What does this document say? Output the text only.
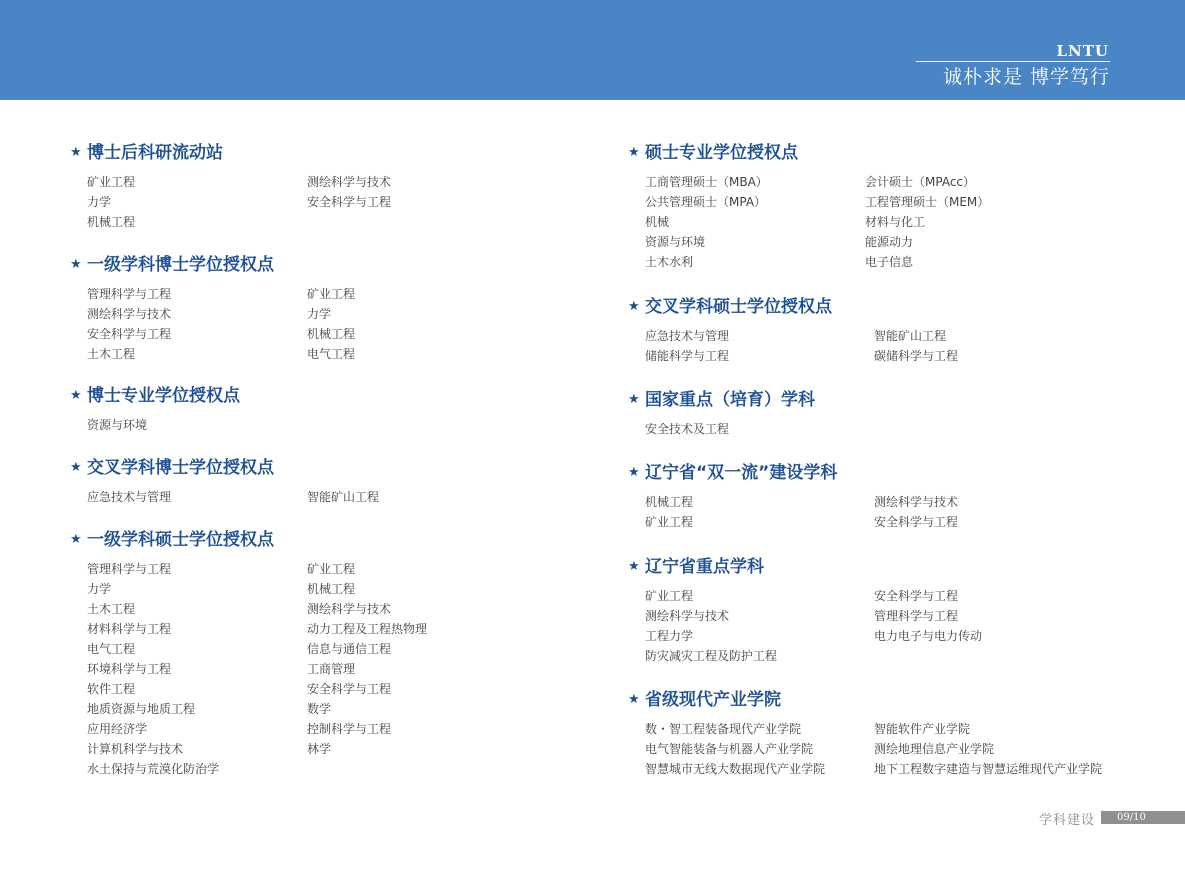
LNTU
诚朴求是 博学笃行
★ 博士后科研流动站
矿业工程	测绘科学与技术
力学	安全科学与工程
机械工程
★ 一级学科博士学位授权点
管理科学与工程	矿业工程
测绘科学与技术	力学
安全科学与工程	机械工程
土木工程	电气工程
★ 博士专业学位授权点
资源与环境
★ 交叉学科博士学位授权点
应急技术与管理	智能矿山工程
★ 一级学科硕士学位授权点
管理科学与工程	矿业工程
力学	机械工程
土木工程	测绘科学与技术
材料科学与工程	动力工程及工程热物理
电气工程	信息与通信工程
环境科学与工程	工商管理
软件工程	安全科学与工程
地质资源与地质工程	数学
应用经济学	控制科学与工程
计算机科学与技术	林学
水土保持与荒漠化防治学
★ 硕士专业学位授权点
工商管理硕士（MBA）	会计硕士（MPAcc）
公共管理硕士（MPA）	工程管理硕士（MEM）
机械	材料与化工
资源与环境	能源动力
土木水利	电子信息
★ 交叉学科硕士学位授权点
应急技术与管理	智能矿山工程
储能科学与工程	碳储科学与工程
★ 国家重点（培育）学科
安全技术及工程
★ 辽宁省“双一流”建设学科
机械工程	测绘科学与技术
矿业工程	安全科学与工程
★ 辽宁省重点学科
矿业工程	安全科学与工程
测绘科学与技术	管理科学与工程
工程力学	电力电子与电力传动
防灾减灾工程及防护工程
★ 省级现代产业学院
数・智工程装备现代产业学院	智能软件产业学院
电气智能装备与机器人产业学院	测绘地理信息产业学院
智慧城市无线大数据现代产业学院	地下工程数字建造与智慧运维现代产业学院
学科建设	09/10
